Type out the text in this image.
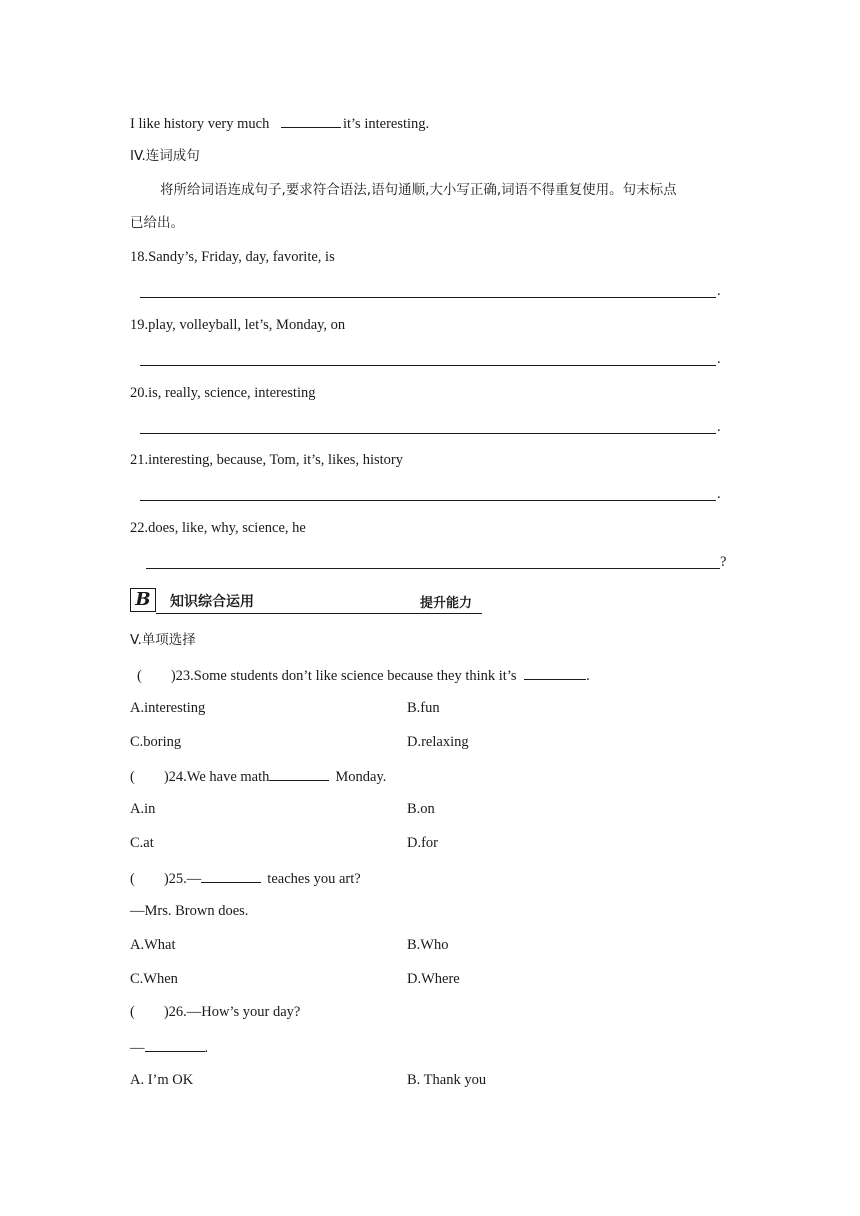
I like history very much	it’s interesting.
IV.连词成句
将所给词语连成句子,要求符合语法,语句通顺,大小写正确,词语不得重复使用。句末标点
已给出。
18.Sandy’s, Friday, day, favorite, is
.
19.play, volleyball, let’s, Monday, on
.
20.is, really, science, interesting
.
21.interesting, because, Tom, it’s, likes, history
.
22.does, like, why, science, he
?
B 知识综合运用	提升能力
V.单项选择
(        )23.Some students don’t like science because they think it’s	.
A.interesting	B.fun
C.boring	D.relaxing
(        )24.We have math	Monday.
A.in	B.on
C.at	D.for
(        )25.—	teaches you art?
—Mrs. Brown does.
A.What	B.Who
C.When	D.Where
(        )26.—How’s your day?
—	.
A. I’m OK	B. Thank you
